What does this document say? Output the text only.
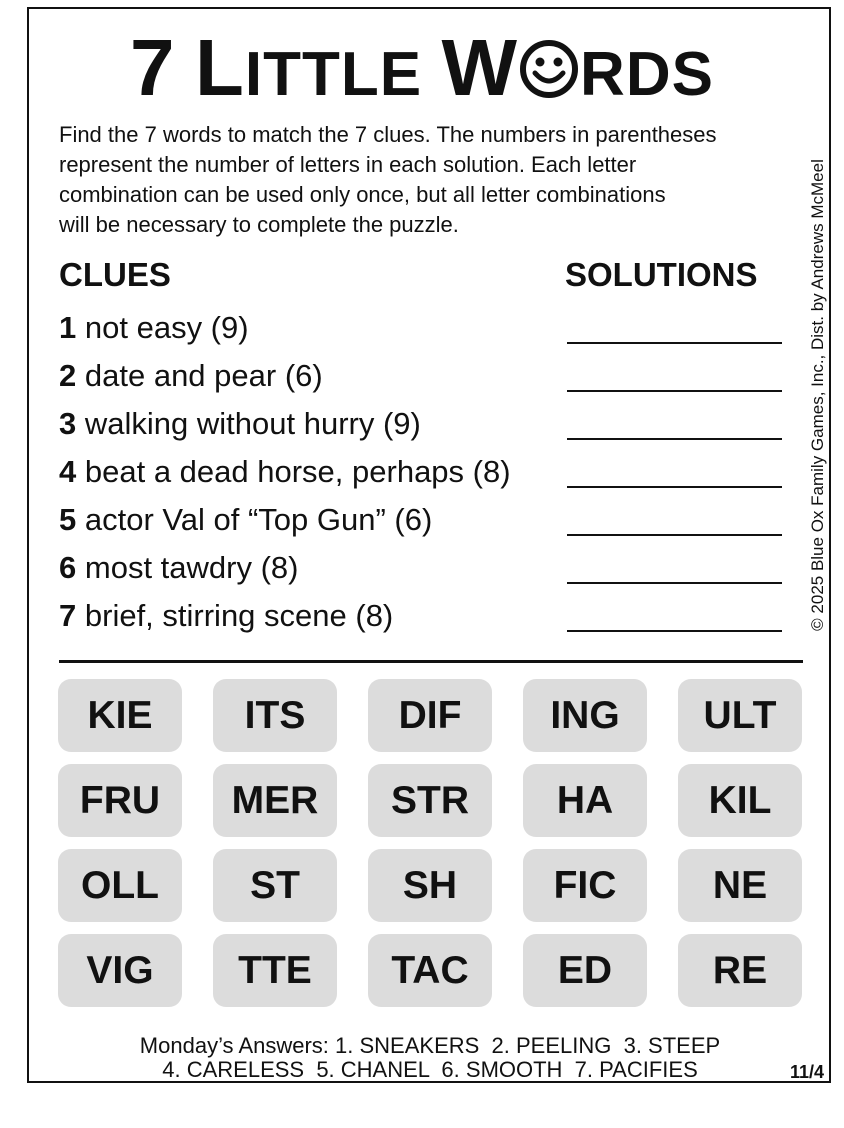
7 LITTLE W RDS

Find the 7 words to match the 7 clues. The numbers in parentheses

represent the number of letters in each solution. Each letter

combination can be used only once, but all letter combinations

will be necessary to complete the puzzle.

CLUES	SOLUTIONS
1 not easy (9)
2 date and pear (6)
3 walking without hurry (9)
4 beat a dead horse, perhaps (8)
5 actor Val of “Top Gun” (6)
6 most tawdry (8)
7 brief, stirring scene (8)	© 2025 Blue Ox Family Games, Inc., Dist. by Andrews McMeel
KIE	ITS	DIF	ING	ULT
FRU	MER	STR	HA	KIL
OLL	ST	SH	FIC	NE
VIG	TTE	TAC	ED	RE
Monday’s Answers: 1. SNEAKERS  2. PEELING  3. STEEP
4. CARELESS  5. CHANEL  6. SMOOTH  7. PACIFIES	11/4
